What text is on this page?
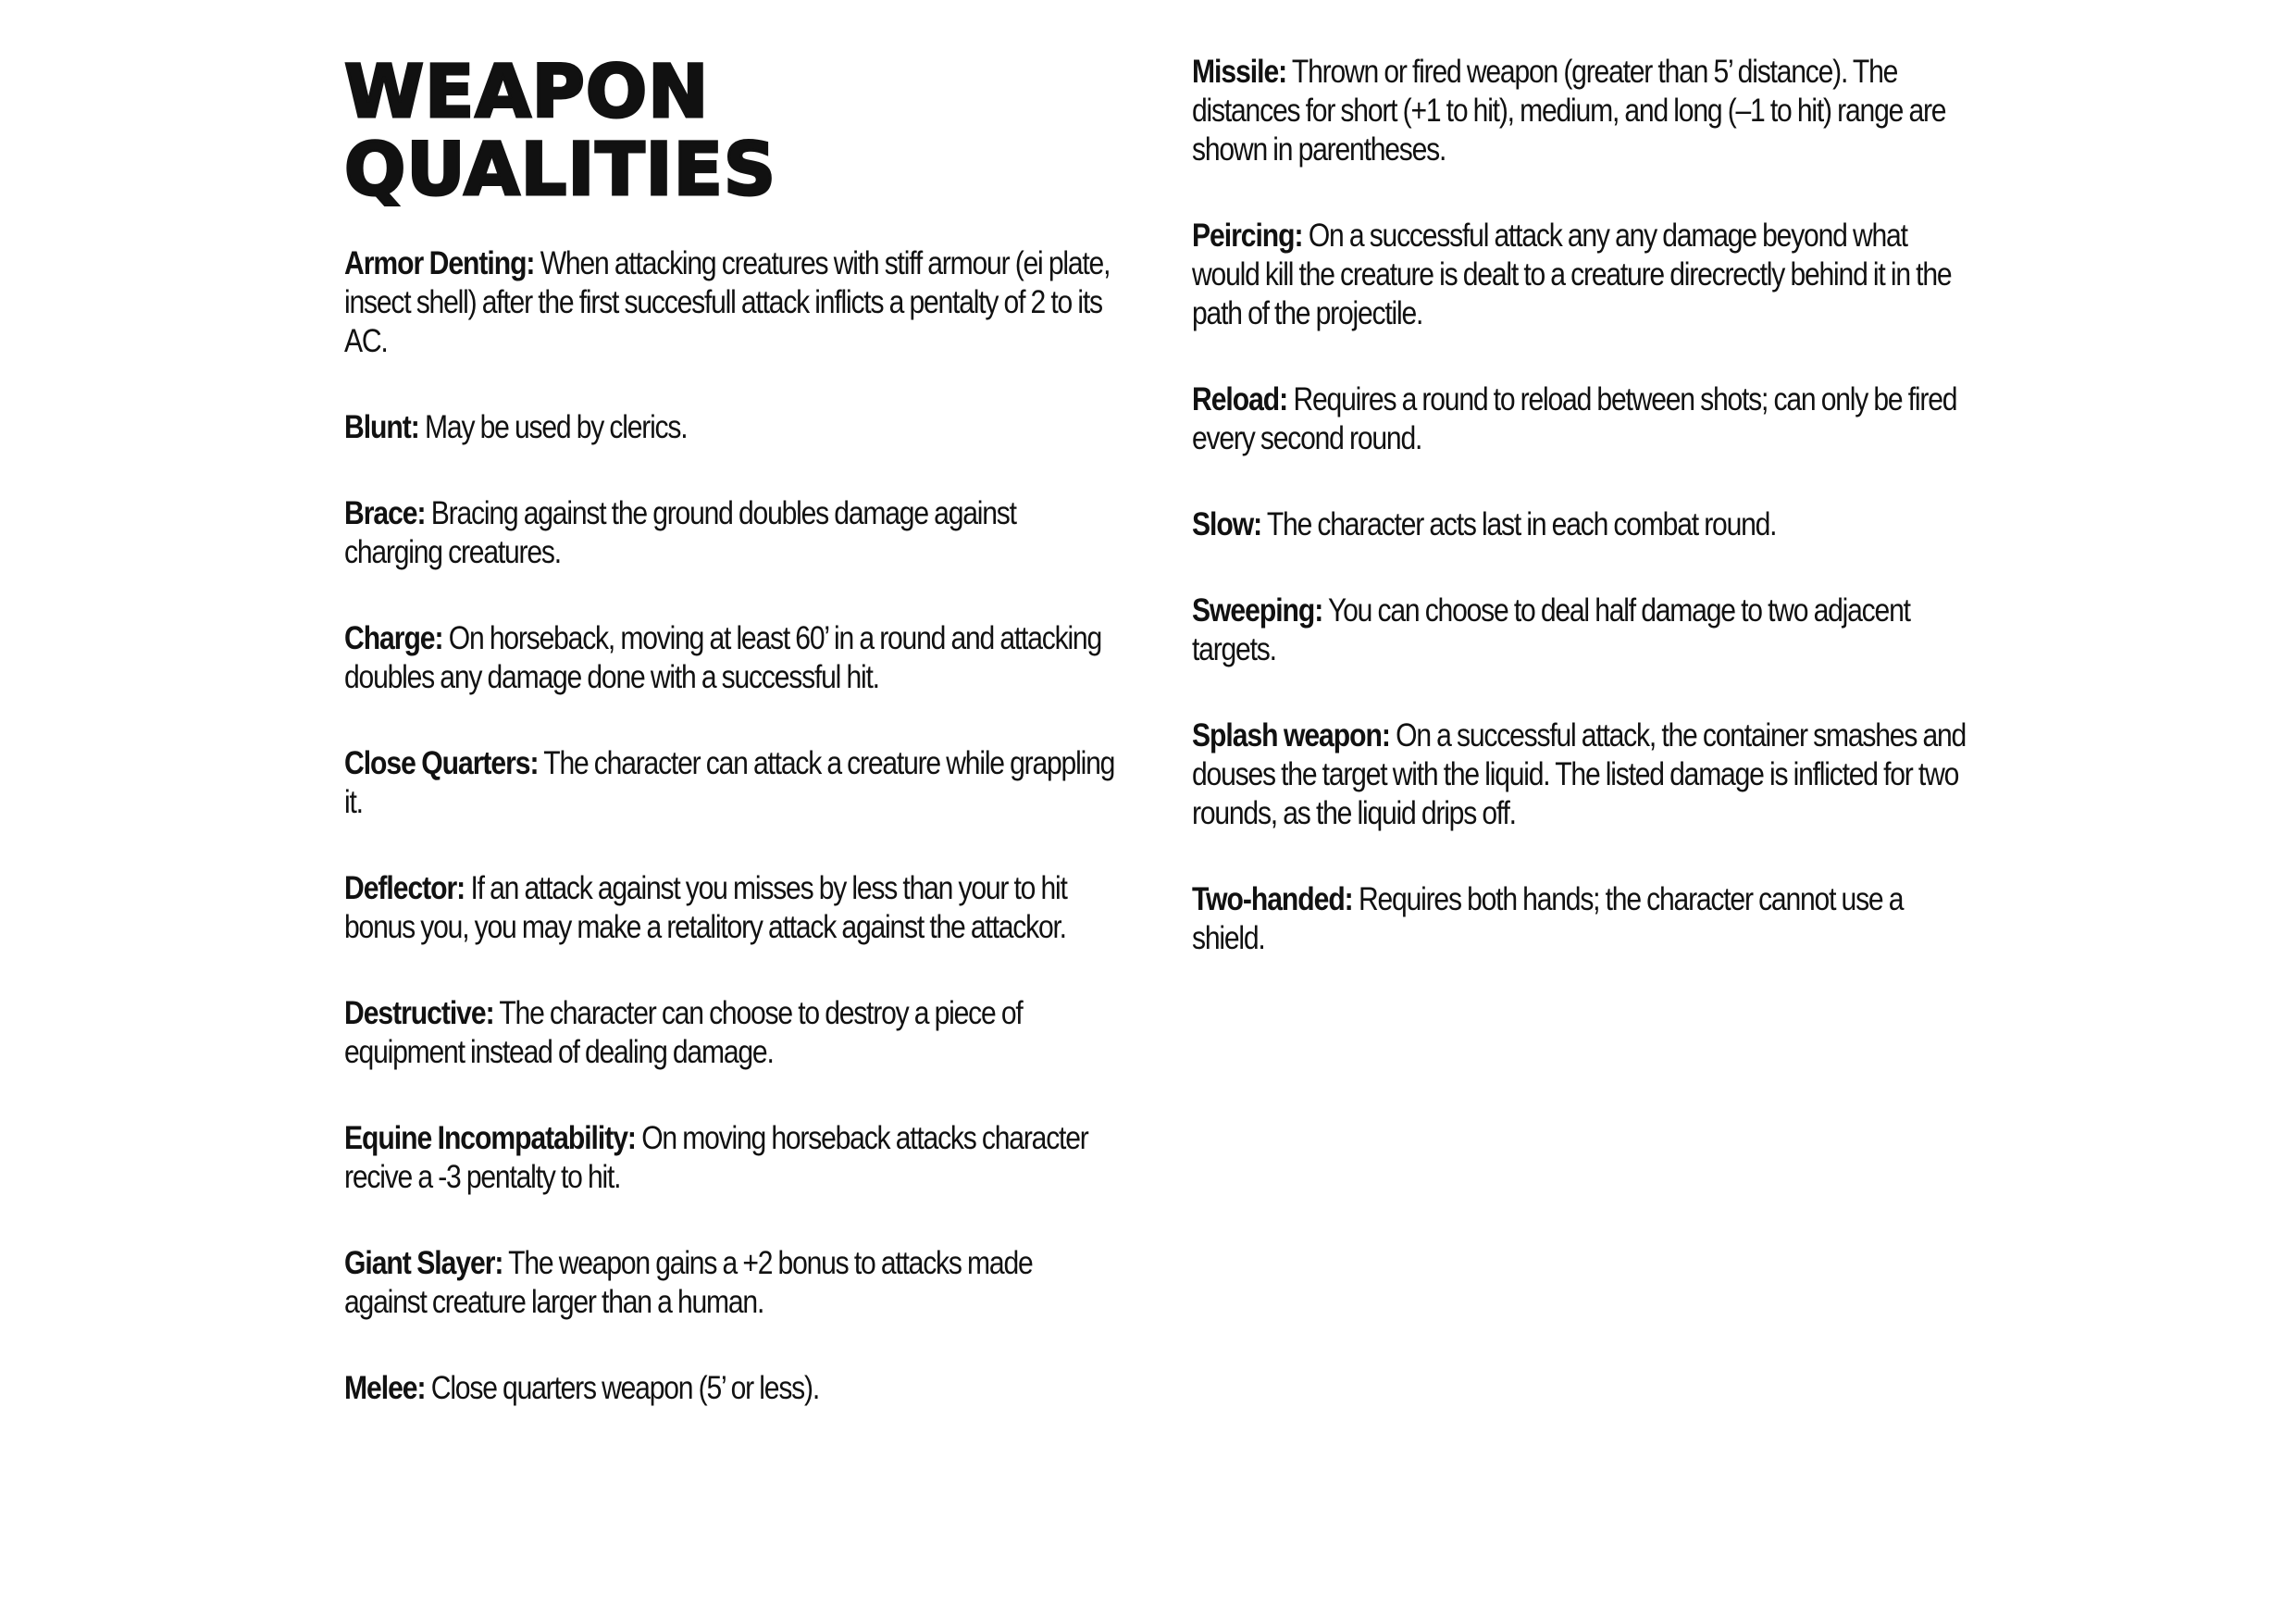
WEAPON
QUALITIES

Armor Denting: When attacking creatures with stiff armour (ei plate, insect shell) after the first succesfull attack inflicts a pentalty of 2 to its AC.

Blunt: May be used by clerics.

Brace: Bracing against the ground doubles damage against charging creatures.

Charge: On horseback, moving at least 60’ in a round and attacking doubles any damage done with a successful hit.

Close Quarters: The character can attack a creature while grappling it.

Deflector: If an attack against you misses by less than your to hit bonus you, you may make a retalitory attack against the attackor.

Destructive: The character can choose to destroy a piece of equipment instead of dealing damage.

Equine Incompatability: On moving horseback attacks character recive a -3 pentalty to hit.

Giant Slayer: The weapon gains a +2 bonus to attacks made against creature larger than a human.

Melee: Close quarters weapon (5’ or less).

Missile: Thrown or fired weapon (greater than 5’ distance). The distances for short (+1 to hit), medium, and long (–1 to hit) range are shown in parentheses.

Peircing: On a successful attack any any damage beyond what would kill the creature is dealt to a creature direcrectly behind it in the path of the projectile.

Reload: Requires a round to reload between shots; can only be fired every second round.

Slow: The character acts last in each combat round.

Sweeping: You can choose to deal half damage to two adjacent targets.

Splash weapon: On a successful attack, the container smashes and douses the target with the liquid. The listed damage is inflicted for two rounds, as the liquid drips off.

Two-handed: Requires both hands; the character cannot use a shield.
